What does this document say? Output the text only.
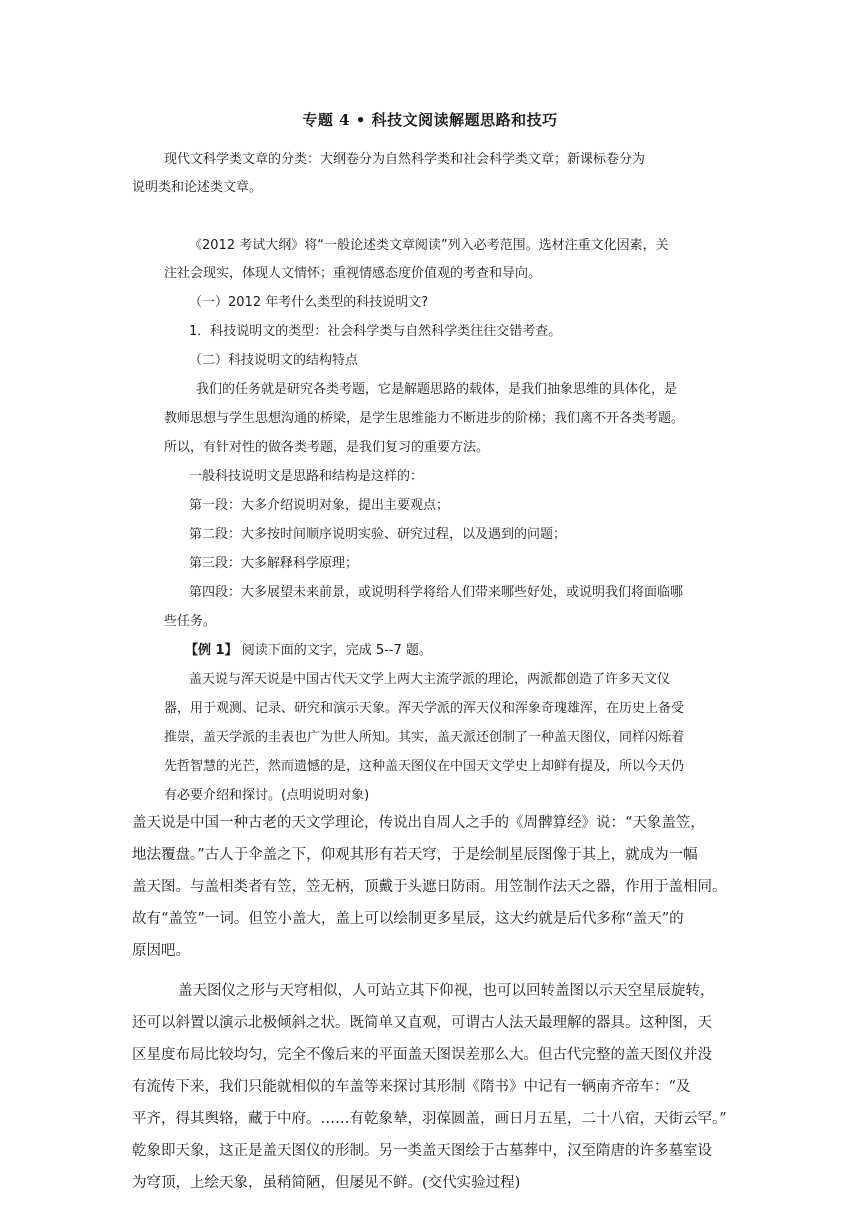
专题 4 • 科技文阅读解题思路和技巧
现代文科学类文章的分类：大纲卷分为自然科学类和社会科学类文章；新课标卷分为
说明类和论述类文章。
《2012 考试大纲》将“一般论述类文章阅读”列入必考范围。选材注重文化因素，关
注社会现实，体现人文情怀；重视情感态度价值观的考查和导向。
（一）2012 年考什么类型的科技说明文?
1．科技说明文的类型：社会科学类与自然科学类往往交错考查。
（二）科技说明文的结构特点
我们的任务就是研究各类考题，它是解题思路的载体，是我们抽象思维的具体化，是
教师思想与学生思想沟通的桥梁，是学生思维能力不断进步的阶梯；我们离不开各类考题。
所以，有针对性的做各类考题，是我们复习的重要方法。
一般科技说明文是思路和结构是这样的：
第一段：大多介绍说明对象，提出主要观点；
第二段：大多按时间顺序说明实验、研究过程，以及遇到的问题；
第三段：大多解释科学原理；
第四段：大多展望未来前景，或说明科学将给人们带来哪些好处，或说明我们将面临哪
些任务。
【例 1】 阅读下面的文字，完成 5--7 题。
盖天说与浑天说是中国古代天文学上两大主流学派的理论，两派都创造了许多天文仪
器，用于观测、记录、研究和演示天象。浑天学派的浑天仪和浑象奇瑰雄浑，在历史上备受
推崇，盖天学派的圭表也广为世人所知。其实，盖天派还创制了一种盖天图仪，同样闪烁着
先哲智慧的光芒，然而遗憾的是，这种盖天图仪在中国天文学史上却鲜有提及，所以今天仍
有必要介绍和探讨。(点明说明对象)
盖天说是中国一种古老的天文学理论，传说出自周人之手的《周髀算经》说：“天象盖笠，
地法覆盘。”古人于伞盖之下，仰观其形有若天穹，于是绘制星辰图像于其上，就成为一幅
盖天图。与盖相类者有笠，笠无柄，顶戴于头遮日防雨。用笠制作法天之器，作用于盖相同。
故有“盖笠”一词。但笠小盖大，盖上可以绘制更多星辰，这大约就是后代多称“盖天”的
原因吧。
盖天图仪之形与天穹相似，人可站立其下仰视，也可以回转盖图以示天空星辰旋转，
还可以斜置以演示北极倾斜之状。既简单又直观，可谓古人法天最理解的器具。这种图，天
区星度布局比较均匀，完全不像后来的平面盖天图误差那么大。但古代完整的盖天图仪并没
有流传下来，我们只能就相似的车盖等来探讨其形制《隋书》中记有一辆南齐帝车：“及
平齐，得其舆辂，藏于中府。……有乾象辇，羽葆圆盖，画日月五星，二十八宿，天街云罕。”
乾象即天象，这正是盖天图仪的形制。另一类盖天图绘于古墓葬中，汉至隋唐的许多墓室设
为穹顶，上绘天象，虽稍简陋，但屡见不鲜。(交代实验过程)
